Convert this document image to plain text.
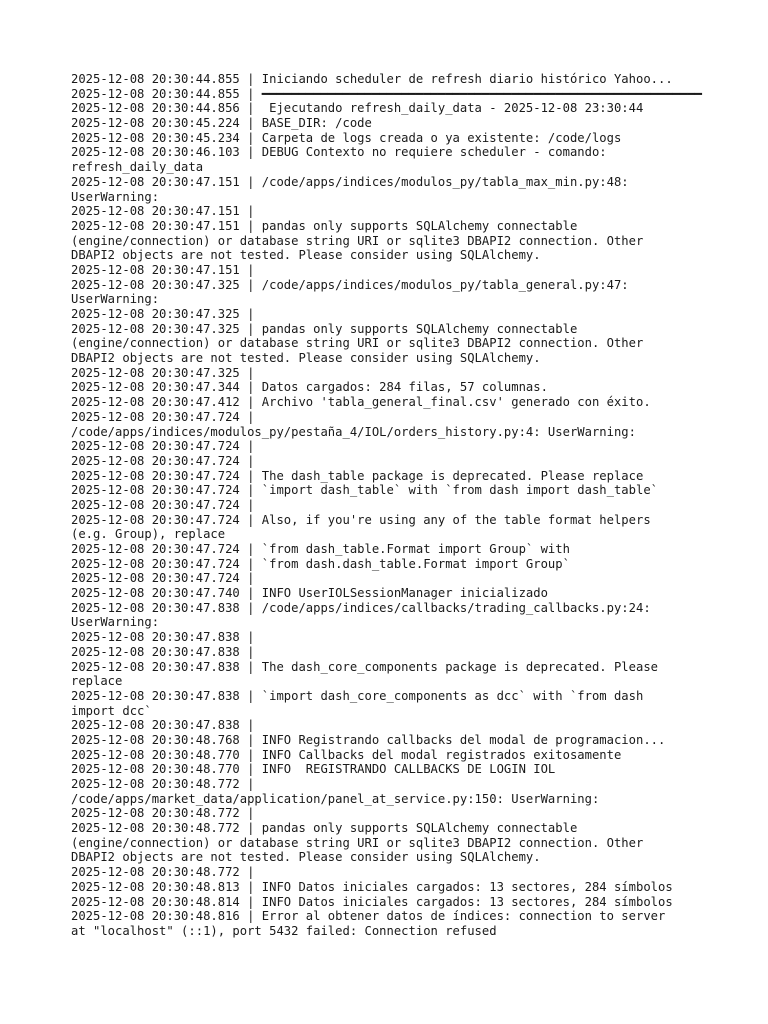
2025-12-08 20:30:44.855 | Iniciando scheduler de refresh diario histórico Yahoo...
2025-12-08 20:30:44.855 | ━━━━━━━━━━━━━━━━━━━━━━━━━━━━━━━━━━━━━━━━━━━━━━━━━━━━━━━━━━━━
2025-12-08 20:30:44.856 |  Ejecutando refresh_daily_data - 2025-12-08 23:30:44
2025-12-08 20:30:45.224 | BASE_DIR: /code
2025-12-08 20:30:45.234 | Carpeta de logs creada o ya existente: /code/logs
2025-12-08 20:30:46.103 | DEBUG Contexto no requiere scheduler - comando:
refresh_daily_data
2025-12-08 20:30:47.151 | /code/apps/indices/modulos_py/tabla_max_min.py:48:
UserWarning:
2025-12-08 20:30:47.151 |
2025-12-08 20:30:47.151 | pandas only supports SQLAlchemy connectable
(engine/connection) or database string URI or sqlite3 DBAPI2 connection. Other
DBAPI2 objects are not tested. Please consider using SQLAlchemy.
2025-12-08 20:30:47.151 |
2025-12-08 20:30:47.325 | /code/apps/indices/modulos_py/tabla_general.py:47:
UserWarning:
2025-12-08 20:30:47.325 |
2025-12-08 20:30:47.325 | pandas only supports SQLAlchemy connectable
(engine/connection) or database string URI or sqlite3 DBAPI2 connection. Other
DBAPI2 objects are not tested. Please consider using SQLAlchemy.
2025-12-08 20:30:47.325 |
2025-12-08 20:30:47.344 | Datos cargados: 284 filas, 57 columnas.
2025-12-08 20:30:47.412 | Archivo 'tabla_general_final.csv' generado con éxito.
2025-12-08 20:30:47.724 |
/code/apps/indices/modulos_py/pestaña_4/IOL/orders_history.py:4: UserWarning:
2025-12-08 20:30:47.724 |
2025-12-08 20:30:47.724 |
2025-12-08 20:30:47.724 | The dash_table package is deprecated. Please replace
2025-12-08 20:30:47.724 | `import dash_table` with `from dash import dash_table`
2025-12-08 20:30:47.724 |
2025-12-08 20:30:47.724 | Also, if you're using any of the table format helpers
(e.g. Group), replace
2025-12-08 20:30:47.724 | `from dash_table.Format import Group` with
2025-12-08 20:30:47.724 | `from dash.dash_table.Format import Group`
2025-12-08 20:30:47.724 |
2025-12-08 20:30:47.740 | INFO UserIOLSessionManager inicializado
2025-12-08 20:30:47.838 | /code/apps/indices/callbacks/trading_callbacks.py:24:
UserWarning:
2025-12-08 20:30:47.838 |
2025-12-08 20:30:47.838 |
2025-12-08 20:30:47.838 | The dash_core_components package is deprecated. Please
replace
2025-12-08 20:30:47.838 | `import dash_core_components as dcc` with `from dash
import dcc`
2025-12-08 20:30:47.838 |
2025-12-08 20:30:48.768 | INFO Registrando callbacks del modal de programacion...
2025-12-08 20:30:48.770 | INFO Callbacks del modal registrados exitosamente
2025-12-08 20:30:48.770 | INFO  REGISTRANDO CALLBACKS DE LOGIN IOL
2025-12-08 20:30:48.772 |
/code/apps/market_data/application/panel_at_service.py:150: UserWarning:
2025-12-08 20:30:48.772 |
2025-12-08 20:30:48.772 | pandas only supports SQLAlchemy connectable
(engine/connection) or database string URI or sqlite3 DBAPI2 connection. Other
DBAPI2 objects are not tested. Please consider using SQLAlchemy.
2025-12-08 20:30:48.772 |
2025-12-08 20:30:48.813 | INFO Datos iniciales cargados: 13 sectores, 284 símbolos
2025-12-08 20:30:48.814 | INFO Datos iniciales cargados: 13 sectores, 284 símbolos
2025-12-08 20:30:48.816 | Error al obtener datos de índices: connection to server
at "localhost" (::1), port 5432 failed: Connection refused
